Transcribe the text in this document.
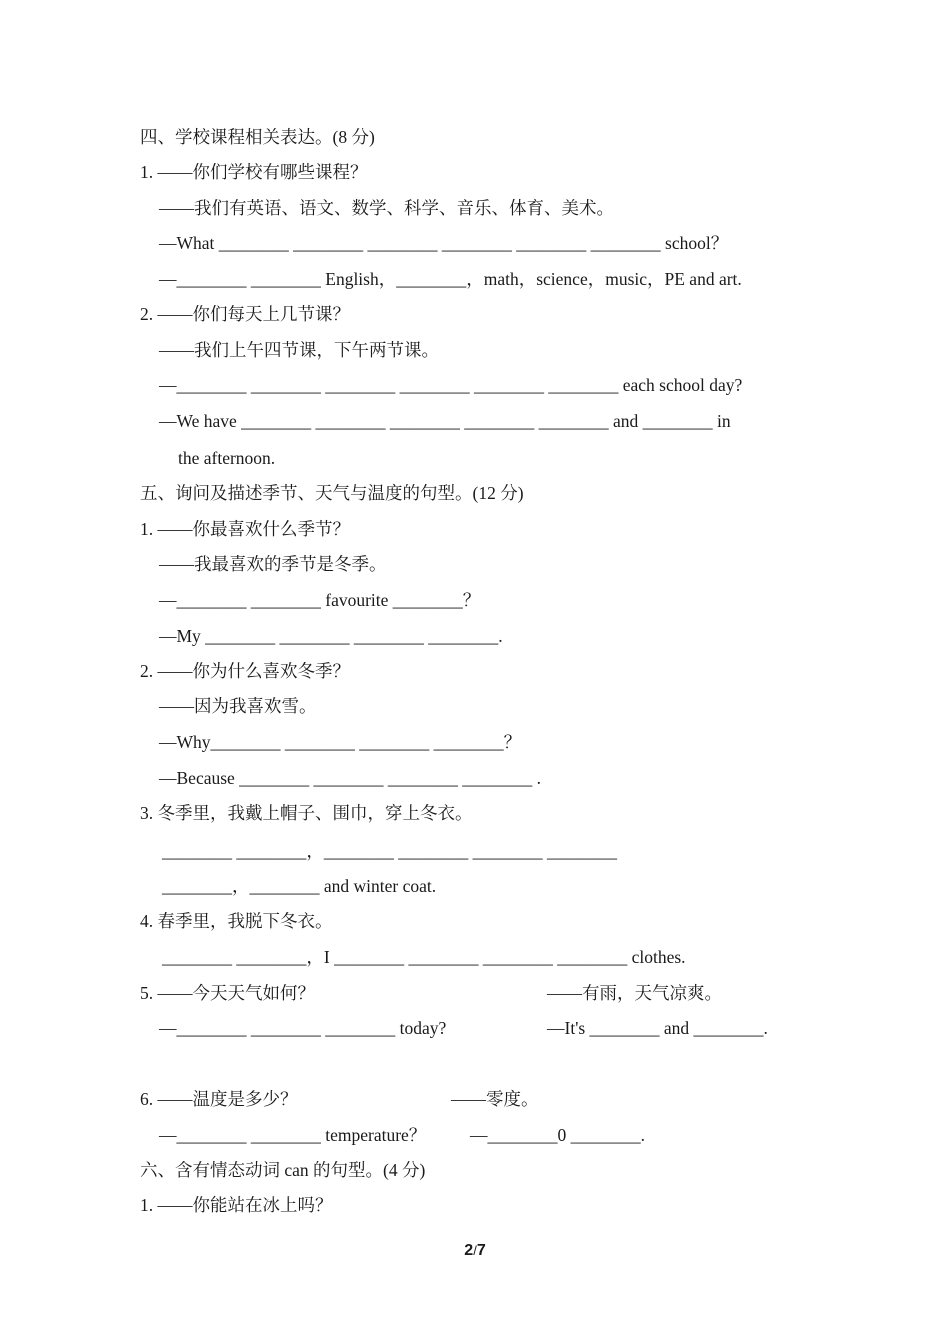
四、学校课程相关表达。(8 分)
1. ——你们学校有哪些课程？
——我们有英语、语文、数学、科学、音乐、体育、美术。
—What ________ ________ ________ ________ ________ ________ school？
—________ ________ English，________，math，science，music，PE and art.
2. ——你们每天上几节课？
——我们上午四节课，下午两节课。
—________ ________ ________ ________ ________ ________ each school day?
—We have ________ ________ ________ ________ ________ and ________ in
the afternoon.
五、询问及描述季节、天气与温度的句型。(12 分)
1. ——你最喜欢什么季节？
——我最喜欢的季节是冬季。
—________ ________ favourite ________？
—My ________ ________ ________ ________.
2. ——你为什么喜欢冬季？
——因为我喜欢雪。
—Why________ ________ ________ ________？
—Because ________ ________ ________ ________ .
3. 冬季里，我戴上帽子、围巾，穿上冬衣。
________ ________，________ ________ ________ ________
________，________ and winter coat.
4. 春季里，我脱下冬衣。
________ ________，I ________ ________ ________ ________ clothes.
5. ——今天天气如何？	——有雨，天气凉爽。
—________ ________ ________ today?	—It's ________ and ________.
6. ——温度是多少？	——零度。
—________ ________ temperature？ —________0 ________.
六、含有情态动词 can 的句型。(4 分)
1. ——你能站在冰上吗？
2/7
